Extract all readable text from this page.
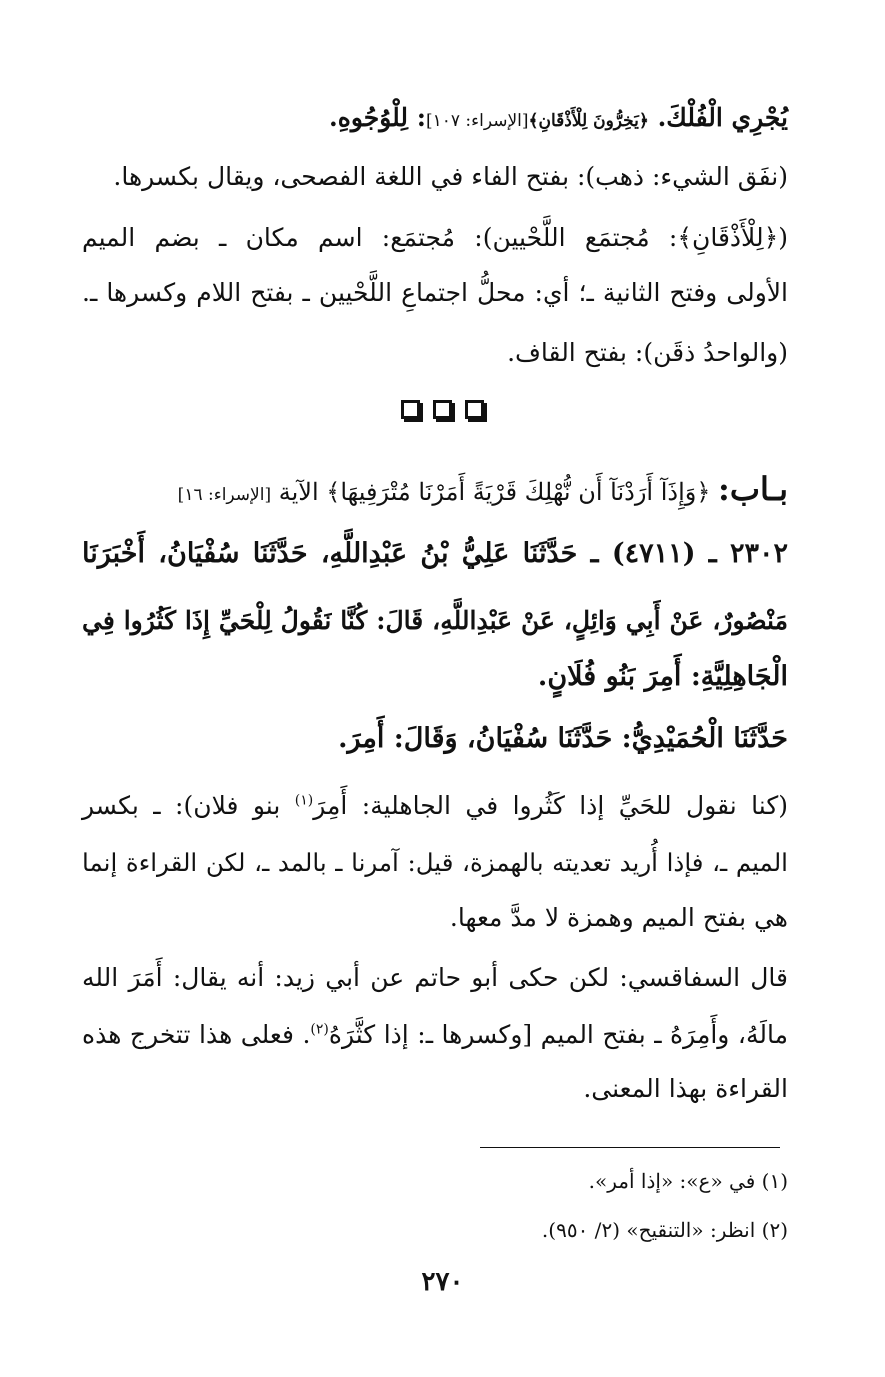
يُجْرِي الْفُلْكَ. ﴿يَخِرُّونَ لِلْأَذْقَانِ﴾[الإسراء: ١٠٧]: لِلْوُجُوهِ.
(نفَق الشيء: ذهب): بفتح الفاء في اللغة الفصحى، ويقال بكسرها.
(﴿لِلْأَذْقَانِ﴾: مُجتمَع اللَّحْيين): مُجتمَع: اسم مكان ـ بضم الميم
الأولى وفتح الثانية ـ؛ أي: محلُّ اجتماعِ اللَّحْيين ـ بفتح اللام وكسرها ـ.
(والواحدُ ذقَن): بفتح القاف.
بـاب: ﴿وَإِذَآ أَرَدْنَآ أَن نُّهْلِكَ قَرْيَةً أَمَرْنَا مُتْرَفِيهَا﴾ الآية [الإسراء: ١٦]
٢٣٠٢ ـ (٤٧١١) ـ حَدَّثَنَا عَلِيُّ بْنُ عَبْدِاللَّهِ، حَدَّثَنَا سُفْيَانُ، أَخْبَرَنَا
مَنْصُورٌ، عَنْ أَبِي وَائِلٍ، عَنْ عَبْدِاللَّهِ، قَالَ: كُنَّا نَقُولُ لِلْحَيِّ إِذَا كَثُرُوا فِي
الْجَاهِلِيَّةِ: أَمِرَ بَنُو فُلَانٍ.
حَدَّثَنَا الْحُمَيْدِيُّ: حَدَّثَنَا سُفْيَانُ، وَقَالَ: أَمِرَ.
(كنا نقول للحَيِّ إذا كَثُروا في الجاهلية: أَمِرَ$^{(١)}$ بنو فلان): ـ بكسر
الميم ـ، فإذا أُريد تعديته بالهمزة، قيل: آمرنا ـ بالمد ـ، لكن القراءة إنما
هي بفتح الميم وهمزة لا مدَّ معها.
قال السفاقسي: لكن حكى أبو حاتم عن أبي زيد: أنه يقال: أَمَرَ الله
مالَهُ، وأَمِرَهُ ـ بفتح الميم [وكسرها ـ: إذا كثَّرَهُ$^{(٢)}$. فعلى هذا تتخرج هذه
القراءة بهذا المعنى.
(١) في «ع»: «إذا أمر».
(٢) انظر: «التنقيح» (٢/ ٩٥٠).
٢٧٠
